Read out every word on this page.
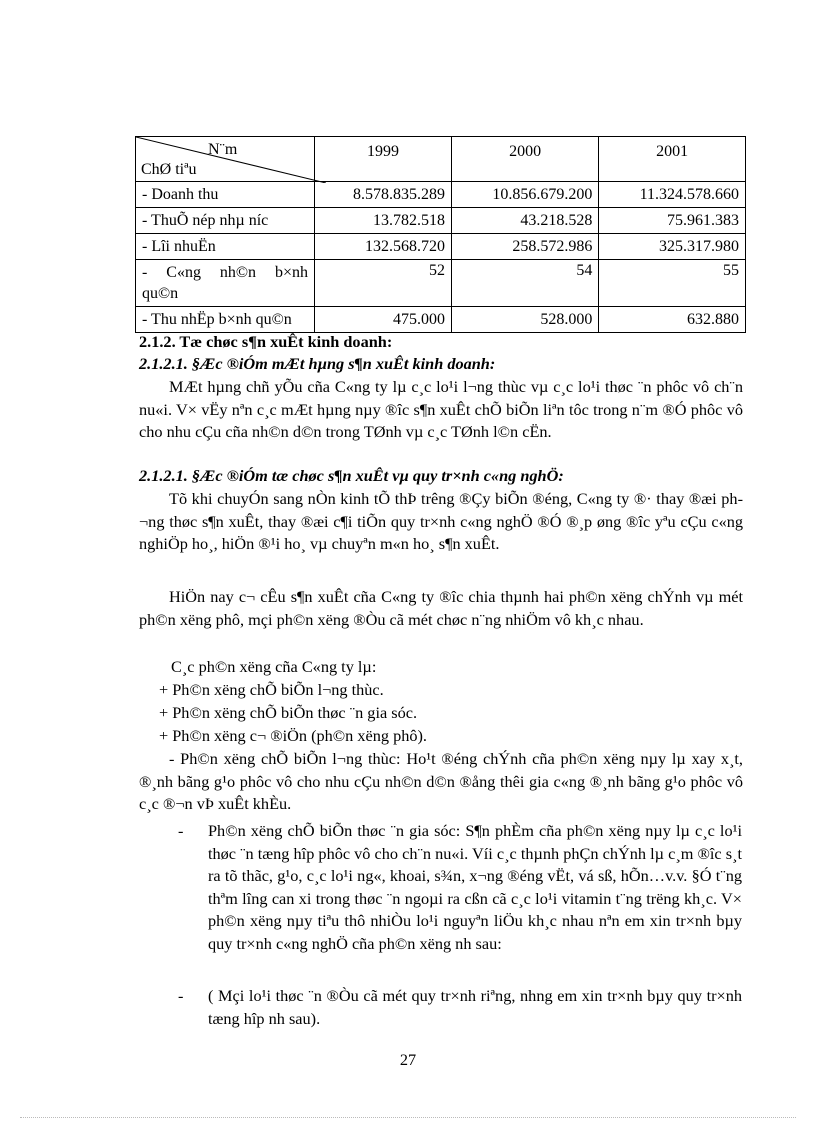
N¨m
ChØ tiªu	1999	2000	2001
- Doanh thu	8.578.835.289	10.856.679.200	11.324.578.660
- ThuÕ nép nhµ níc	13.782.518	43.218.528	75.961.383
- Lîi nhuËn	132.568.720	258.572.986	325.317.980

- C«ng nh©n b×nh
qu©n	52	54	55
- Thu nhËp b×nh qu©n	475.000	528.000	632.880
2.1.2. Tæ chøc s¶n xuÊt kinh doanh:
2.1.2.1. §Æc ®iÓm mÆt hµng s¶n xuÊt kinh doanh:
MÆt hµng chñ yÕu cña C«ng ty lµ c¸c lo¹i l¬ng thùc vµ c¸c lo¹i thøc ¨n phôc vô ch¨n nu«i. V× vËy nªn c¸c mÆt hµng nµy ®îc s¶n xuÊt chÕ biÕn liªn tôc trong n¨m ®Ó phôc vô cho nhu cÇu cña nh©n d©n trong TØnh vµ c¸c TØnh l©n cËn.
2.1.2.1. §Æc ®iÓm tæ chøc s¶n xuÊt vµ quy tr×nh c«ng nghÖ:
Tõ khi chuyÓn sang nÒn kinh tÕ thÞ trêng ®Çy biÕn ®éng, C«ng ty ®· thay ®æi ph¬ng thøc s¶n xuÊt, thay ®æi c¶i tiÕn quy tr×nh c«ng nghÖ ®Ó ®¸p øng ®îc yªu cÇu c«ng nghiÖp ho¸, hiÖn ®¹i ho¸ vµ chuyªn m«n ho¸ s¶n xuÊt.
HiÖn nay c¬ cÊu s¶n xuÊt cña C«ng ty ®îc chia thµnh hai ph©n xëng chÝnh vµ mét ph©n xëng phô, mçi ph©n xëng ®Òu cã mét chøc n¨ng nhiÖm vô kh¸c nhau.
C¸c ph©n xëng cña C«ng ty lµ:
+ Ph©n xëng chÕ biÕn l¬ng thùc.
+ Ph©n xëng chÕ biÕn thøc ¨n gia sóc.
+ Ph©n xëng c¬ ®iÖn (ph©n xëng phô).
- Ph©n xëng chÕ biÕn l¬ng thùc: Ho¹t ®éng chÝnh cña ph©n xëng nµy lµ xay x¸t, ®¸nh bãng g¹o phôc vô cho nhu cÇu nh©n d©n ®ång thêi gia c«ng ®¸nh bãng g¹o phôc vô c¸c ®¬n vÞ xuÊt khÈu.
-	Ph©n xëng chÕ biÕn thøc ¨n gia sóc: S¶n phÈm cña ph©n xëng nµy lµ c¸c lo¹i thøc ¨n tæng hîp phôc vô cho ch¨n nu«i. Víi c¸c thµnh phÇn chÝnh lµ c¸m ®îc s¸t ra tõ thãc, g¹o, c¸c lo¹i ng«, khoai, s¾n, x¬ng ®éng vËt, vá sß, hÕn…v.v. §Ó t¨ng thªm lîng can xi trong thøc ¨n ngoµi ra cßn cã c¸c lo¹i vitamin t¨ng trëng kh¸c. V× ph©n xëng nµy tiªu thô nhiÒu lo¹i nguyªn liÖu kh¸c nhau nªn em xin tr×nh bµy quy tr×nh c«ng nghÖ cña ph©n xëng nh sau:
-	( Mçi lo¹i thøc ¨n ®Òu cã mét quy tr×nh riªng, nhng em xin tr×nh bµy quy tr×nh tæng hîp nh sau).
27
